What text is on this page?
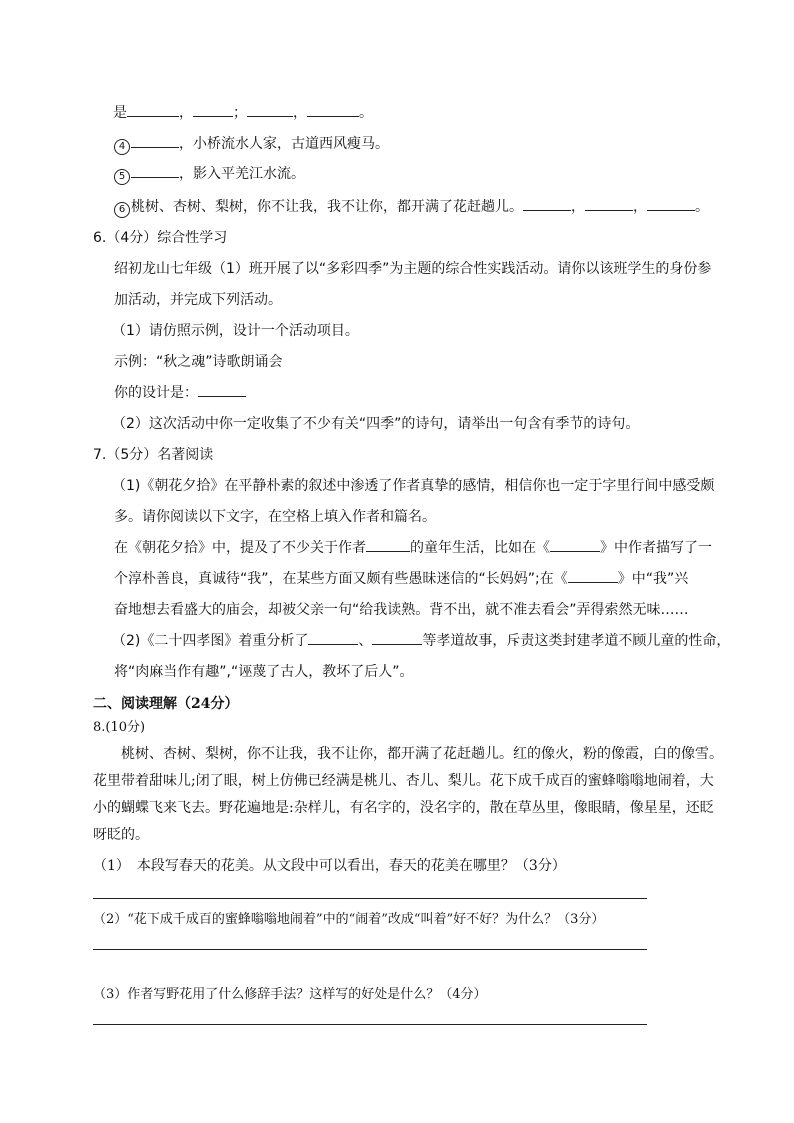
是	，	；	，	。
4	，小桥流水人家，古道西风瘦马。
5	，影入平羌江水流。
6 桃树、杏树、梨树，你不让我，我不让你，都开满了花赶趟儿。	，	，	。
6.（4分）综合性学习
绍初龙山七年级（1）班开展了以“多彩四季”为主题的综合性实践活动。请你以该班学生的身份参
加活动，并完成下列活动。
（1）请仿照示例，设计一个活动项目。
示例：“秋之魂”诗歌朗诵会
你的设计是：
（2）这次活动中你一定收集了不少有关“四季”的诗句，请举出一句含有季节的诗句。
7.（5分）名著阅读
（1)《朝花夕拾》在平静朴素的叙述中渗透了作者真挚的感情，相信你也一定于字里行间中感受颇
多。请你阅读以下文字，在空格上填入作者和篇名。
在《朝花夕拾》中，提及了不少关于作者	的童年生活，比如在《	》中作者描写了一
个淳朴善良，真诚待“我”，在某些方面又颇有些愚昧迷信的“长妈妈”;在《	》中“我”兴
奋地想去看盛大的庙会，却被父亲一句“给我读熟。背不出，就不准去看会”弄得索然无味……
（2)《二十四孝图》着重分析了	、	等孝道故事，斥责这类封建孝道不顾儿童的性命，
将“肉麻当作有趣”,“诬蔑了古人，教坏了后人”。
二、阅读理解（24分）
8.(10分)
桃树、杏树、梨树，你不让我，我不让你，都开满了花赶趟儿。红的像火，粉的像霞，白的像雪。
花里带着甜味儿;闭了眼，树上仿佛已经满是桃儿、杏儿、梨儿。花下成千成百的蜜蜂嗡嗡地闹着，大
小的蝴蝶飞来飞去。野花遍地是:杂样儿，有名字的，没名字的，散在草丛里，像眼睛，像星星，还眨
呀眨的。
（1）　本段写春天的花美。从文段中可以看出，春天的花美在哪里？（3分）
（2）“花下成千成百的蜜蜂嗡嗡地闹着”中的“闹着”改成“叫着”好不好？为什么？（3分）
（3）作者写野花用了什么修辞手法？这样写的好处是什么？（4分）
